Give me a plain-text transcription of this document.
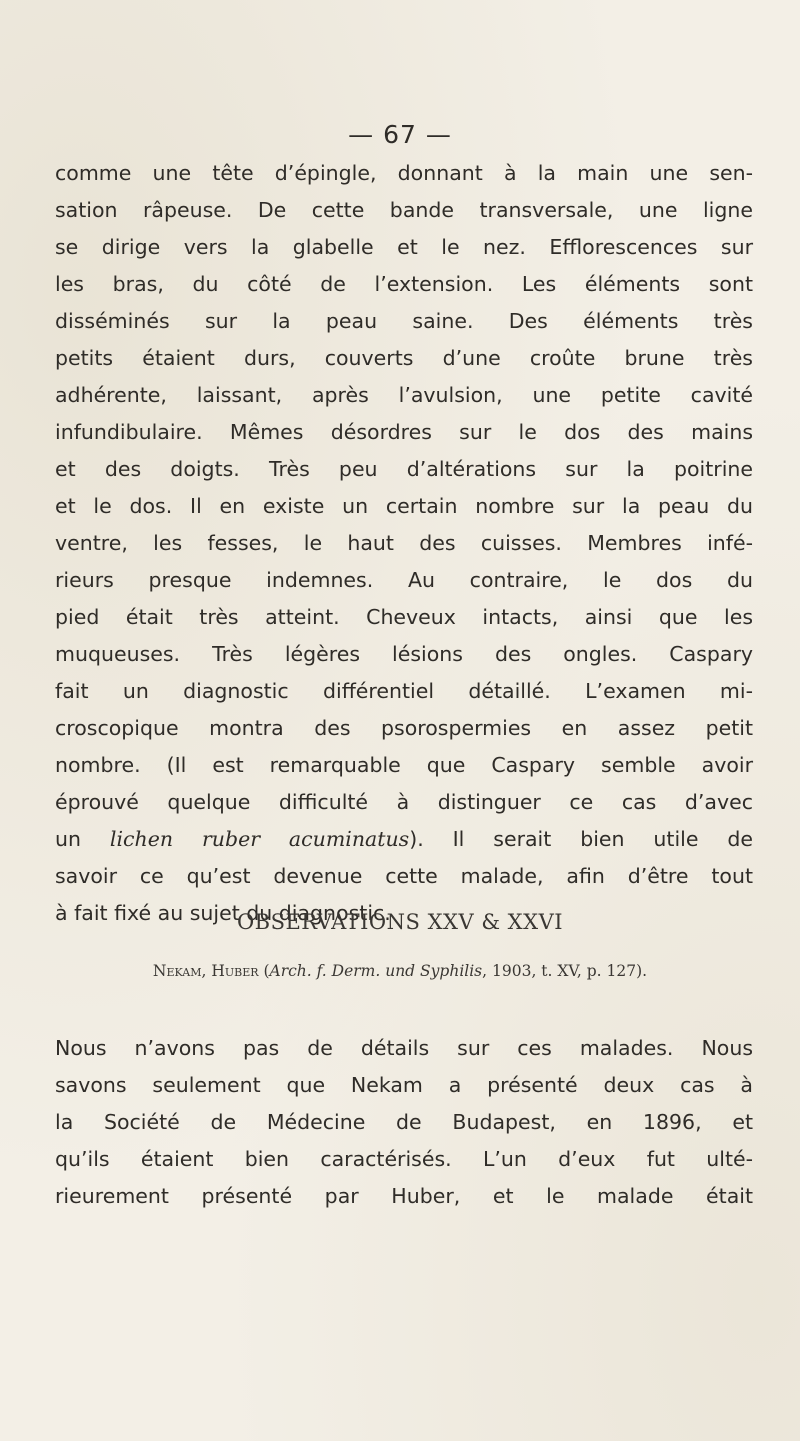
— 67 —
comme une tête d’épingle, donnant à la main une sen-
sation râpeuse. De cette bande transversale, une ligne
se dirige vers la glabelle et le nez. Efflorescences sur
les bras, du côté de l’extension. Les éléments sont
disséminés sur la peau saine. Des éléments très
petits étaient durs, couverts d’une croûte brune très
adhérente, laissant, après l’avulsion, une petite cavité
infundibulaire. Mêmes désordres sur le dos des mains
et des doigts. Très peu d’altérations sur la poitrine
et le dos. Il en existe un certain nombre sur la peau du
ventre, les fesses, le haut des cuisses. Membres infé-
rieurs presque indemnes. Au contraire, le dos du
pied était très atteint. Cheveux intacts, ainsi que les
muqueuses. Très légères lésions des ongles. Caspary
fait un diagnostic différentiel détaillé. L’examen mi-
croscopique montra des psorospermies en assez petit
nombre. (Il est remarquable que Caspary semble avoir
éprouvé quelque difficulté à distinguer ce cas d’avec
un lichen ruber acuminatus). Il serait bien utile de
savoir ce qu’est devenue cette malade, afin d’être tout
à fait fixé au sujet du diagnostic.
OBSERVATIONS XXV & XXVI
Nekam, Huber (Arch. f. Derm. und Syphilis, 1903, t. XV, p. 127).
Nous n’avons pas de détails sur ces malades. Nous
savons seulement que Nekam a présenté deux cas à
la Société de Médecine de Budapest, en 1896, et
qu’ils étaient bien caractérisés. L’un d’eux fut ulté-
rieurement présenté par Huber, et le malade était
